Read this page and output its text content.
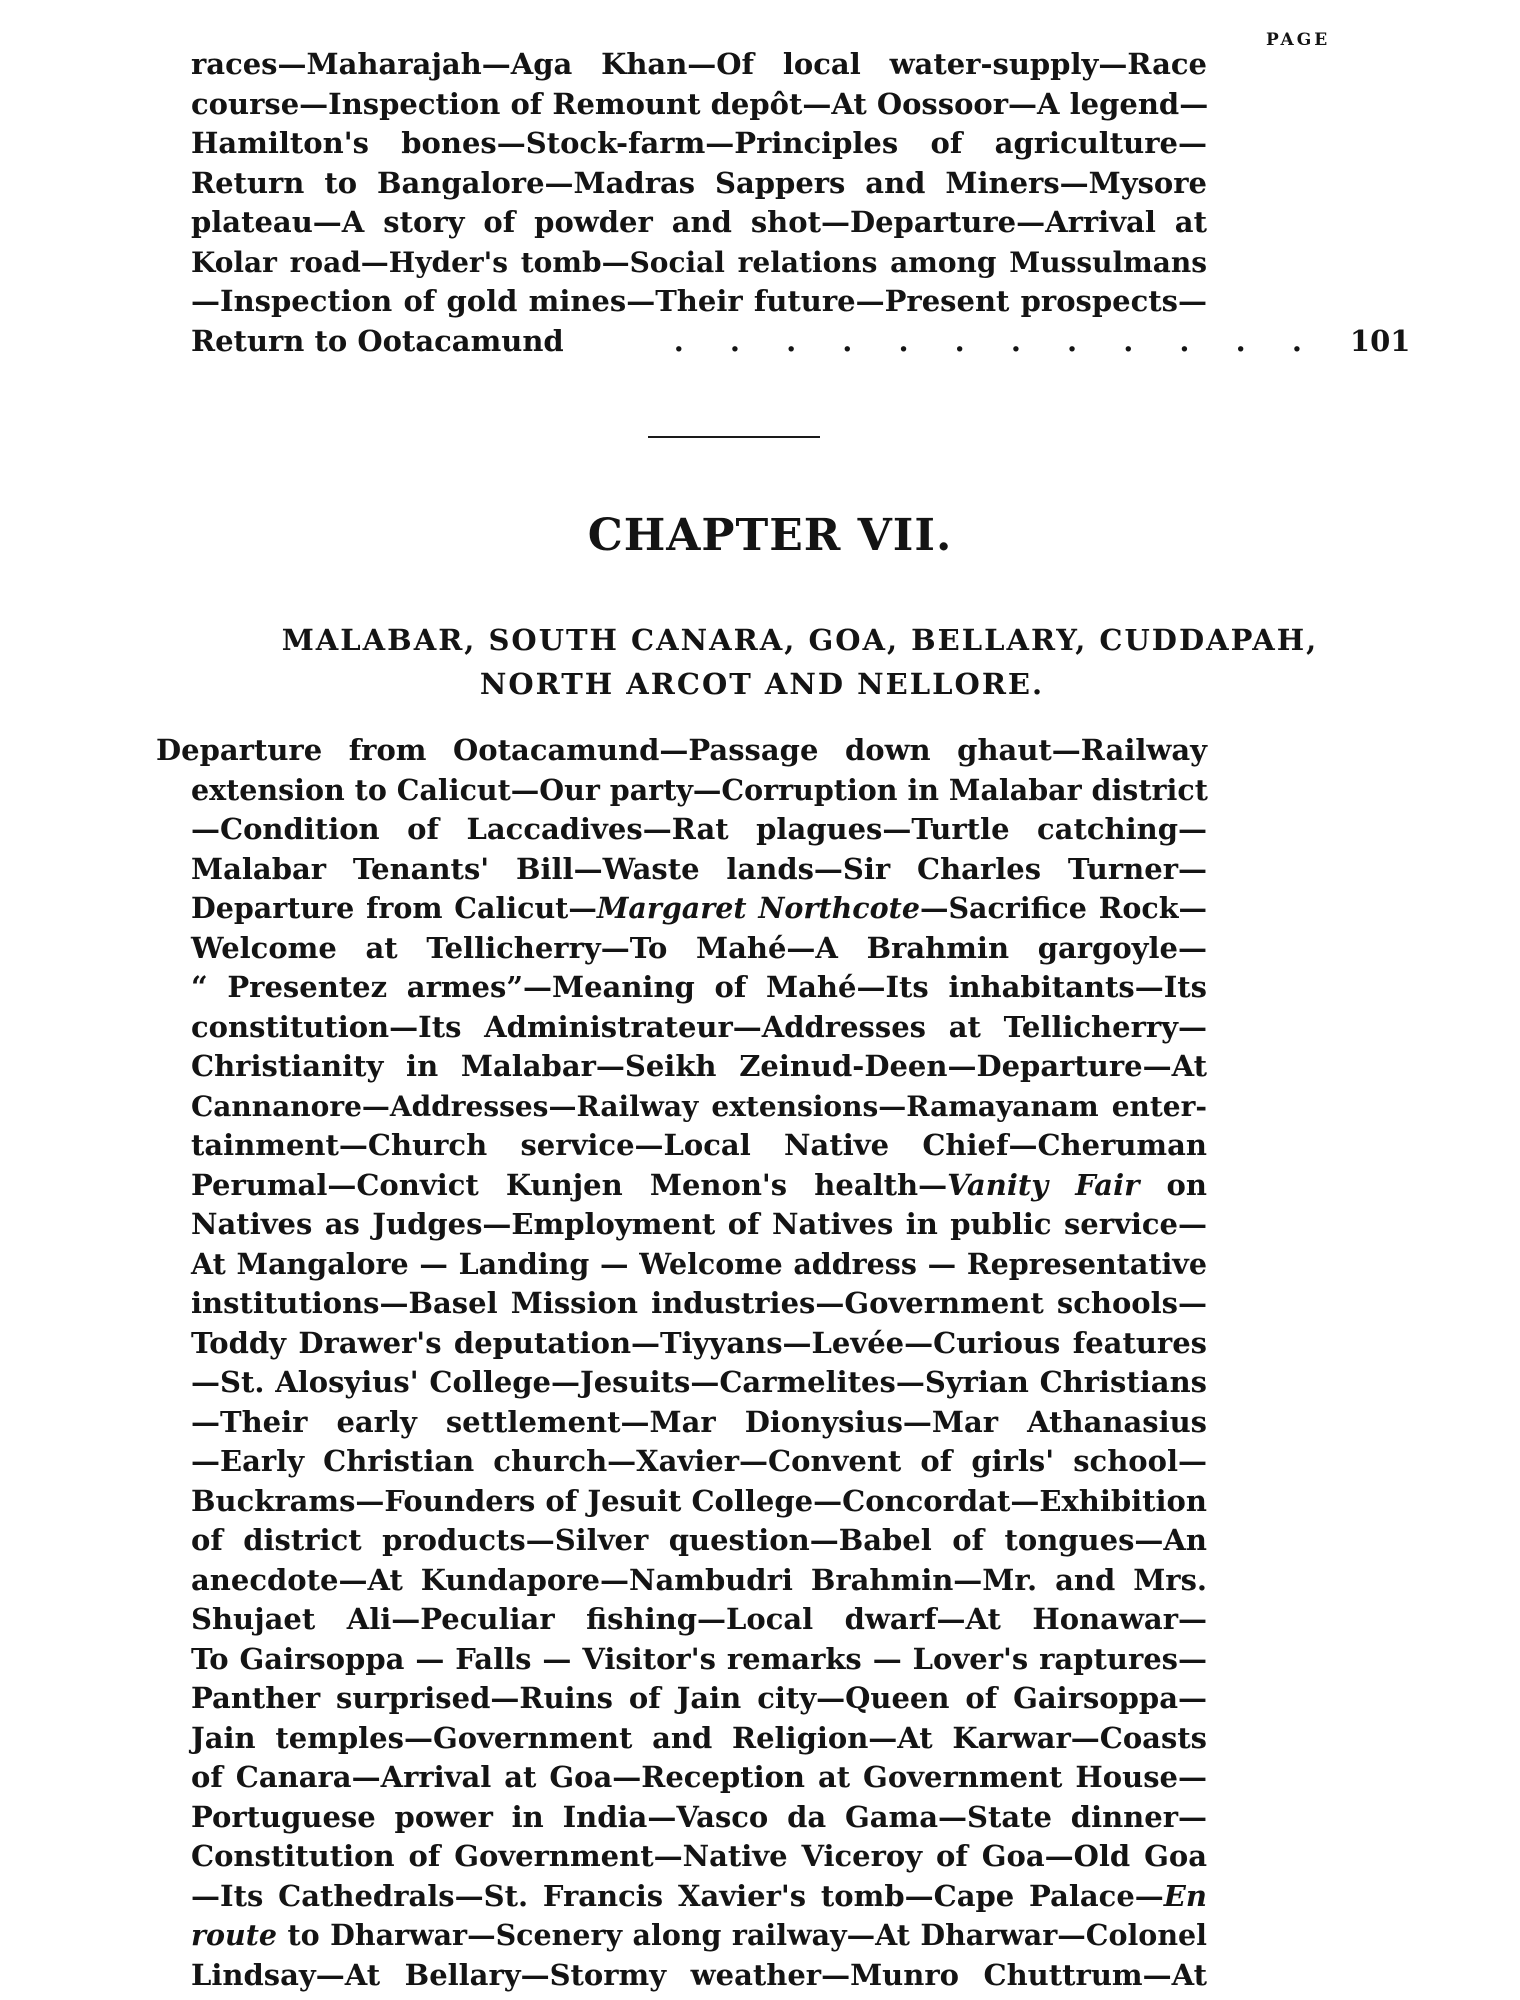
PAGE
races—Maharajah—Aga Khan—Of local water-supply—Race
course—Inspection of Remount depôt—At Oossoor—A legend—
Hamilton's bones—Stock-farm—Principles of agriculture—
Return to Bangalore—Madras Sappers and Miners—Mysore
plateau—A story of powder and shot—Departure—Arrival at
Kolar road—Hyder's tomb—Social relations among Mussulmans
—Inspection of gold mines—Their future—Present prospects—
Return to Ootacamund	. . . . . . . . . . . . 101
CHAPTER VII.
MALABAR, SOUTH CANARA, GOA, BELLARY, CUDDAPAH,
NORTH ARCOT AND NELLORE.
Departure from Ootacamund—Passage down ghaut—Railway
extension to Calicut—Our party—Corruption in Malabar district
—Condition of Laccadives—Rat plagues—Turtle catching—
Malabar Tenants' Bill—Waste lands—Sir Charles Turner—
Departure from Calicut—Margaret Northcote—Sacrifice Rock—
Welcome at Tellicherry—To Mahé—A Brahmin gargoyle—
“ Presentez armes”—Meaning of Mahé—Its inhabitants—Its
constitution—Its Administrateur—Addresses at Tellicherry—
Christianity in Malabar—Seikh Zeinud-Deen—Departure—At
Cannanore—Addresses—Railway extensions—Ramayanam enter-
tainment—Church service—Local Native Chief—Cheruman
Perumal—Convict Kunjen Menon's health—Vanity Fair on
Natives as Judges—Employment of Natives in public service—
At Mangalore — Landing — Welcome address — Representative
institutions—Basel Mission industries—Government schools—
Toddy Drawer's deputation—Tiyyans—Levée—Curious features
—St. Alosyius' College—Jesuits—Carmelites—Syrian Christians
—Their early settlement—Mar Dionysius—Mar Athanasius
—Early Christian church—Xavier—Convent of girls' school—
Buckrams—Founders of Jesuit College—Concordat—Exhibition
of district products—Silver question—Babel of tongues—An
anecdote—At Kundapore—Nambudri Brahmin—Mr. and Mrs.
Shujaet Ali—Peculiar fishing—Local dwarf—At Honawar—
To Gairsoppa — Falls — Visitor's remarks — Lover's raptures—
Panther surprised—Ruins of Jain city—Queen of Gairsoppa—
Jain temples—Government and Religion—At Karwar—Coasts
of Canara—Arrival at Goa—Reception at Government House—
Portuguese power in India—Vasco da Gama—State dinner—
Constitution of Government—Native Viceroy of Goa—Old Goa
—Its Cathedrals—St. Francis Xavier's tomb—Cape Palace—En
route to Dharwar—Scenery along railway—At Dharwar—Colonel
Lindsay—At Bellary—Stormy weather—Munro Chuttrum—At
